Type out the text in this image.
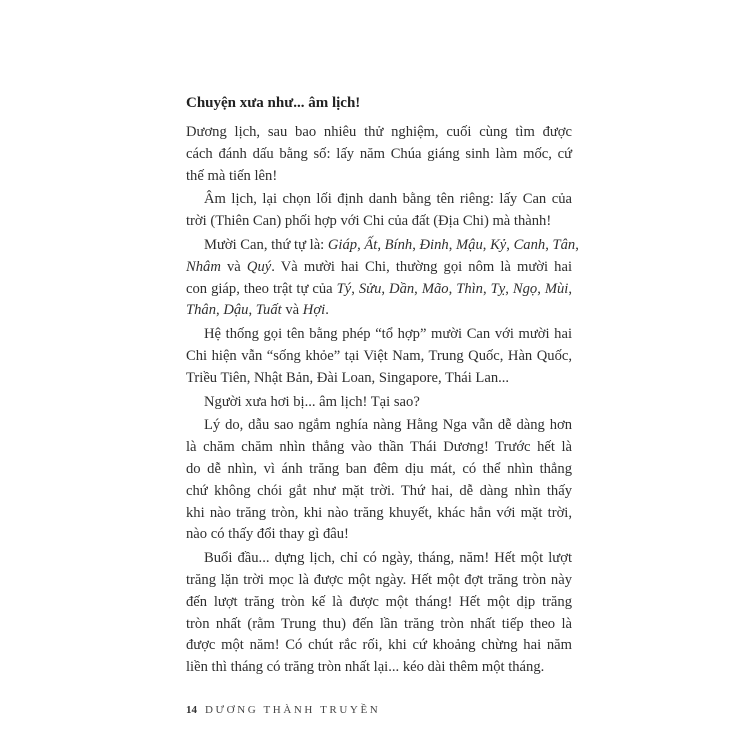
Chuyện xưa như... âm lịch!
Dương lịch, sau bao nhiêu thử nghiệm, cuối cùng tìm được
cách đánh dấu bằng số: lấy năm Chúa giáng sinh làm mốc, cứ
thế mà tiến lên!
Âm lịch, lại chọn lối định danh bằng tên riêng: lấy Can của
trời (Thiên Can) phối hợp với Chi của đất (Địa Chi) mà thành!
Mười Can, thứ tự là: Giáp, Ất, Bính, Đinh, Mậu, Kỷ, Canh, Tân,
Nhâm và Quý. Và mười hai Chi, thường gọi nôm là mười hai
con giáp, theo trật tự của Tý, Sửu, Dần, Mão, Thìn, Tỵ, Ngọ, Mùi,
Thân, Dậu, Tuất và Hợi.
Hệ thống gọi tên bằng phép “tổ hợp” mười Can với mười hai
Chi hiện vẫn “sống khỏe” tại Việt Nam, Trung Quốc, Hàn Quốc,
Triều Tiên, Nhật Bản, Đài Loan, Singapore, Thái Lan...
Người xưa hơi bị... âm lịch! Tại sao?
Lý do, dẫu sao ngắm nghía nàng Hằng Nga vẫn dễ dàng hơn
là chăm chăm nhìn thẳng vào thần Thái Dương! Trước hết là
do dễ nhìn, vì ánh trăng ban đêm dịu mát, có thể nhìn thẳng
chứ không chói gắt như mặt trời. Thứ hai, dễ dàng nhìn thấy
khi nào trăng tròn, khi nào trăng khuyết, khác hẳn với mặt trời,
nào có thấy đổi thay gì đâu!
Buổi đầu... dựng lịch, chỉ có ngày, tháng, năm! Hết một lượt
trăng lặn trời mọc là được một ngày. Hết một đợt trăng tròn này
đến lượt trăng tròn kế là được một tháng! Hết một dịp trăng
tròn nhất (rằm Trung thu) đến lần trăng tròn nhất tiếp theo là
được một năm! Có chút rắc rối, khi cứ khoảng chừng hai năm
liền thì tháng có trăng tròn nhất lại... kéo dài thêm một tháng.
14 DƯƠNG THÀNH TRUYỀN
